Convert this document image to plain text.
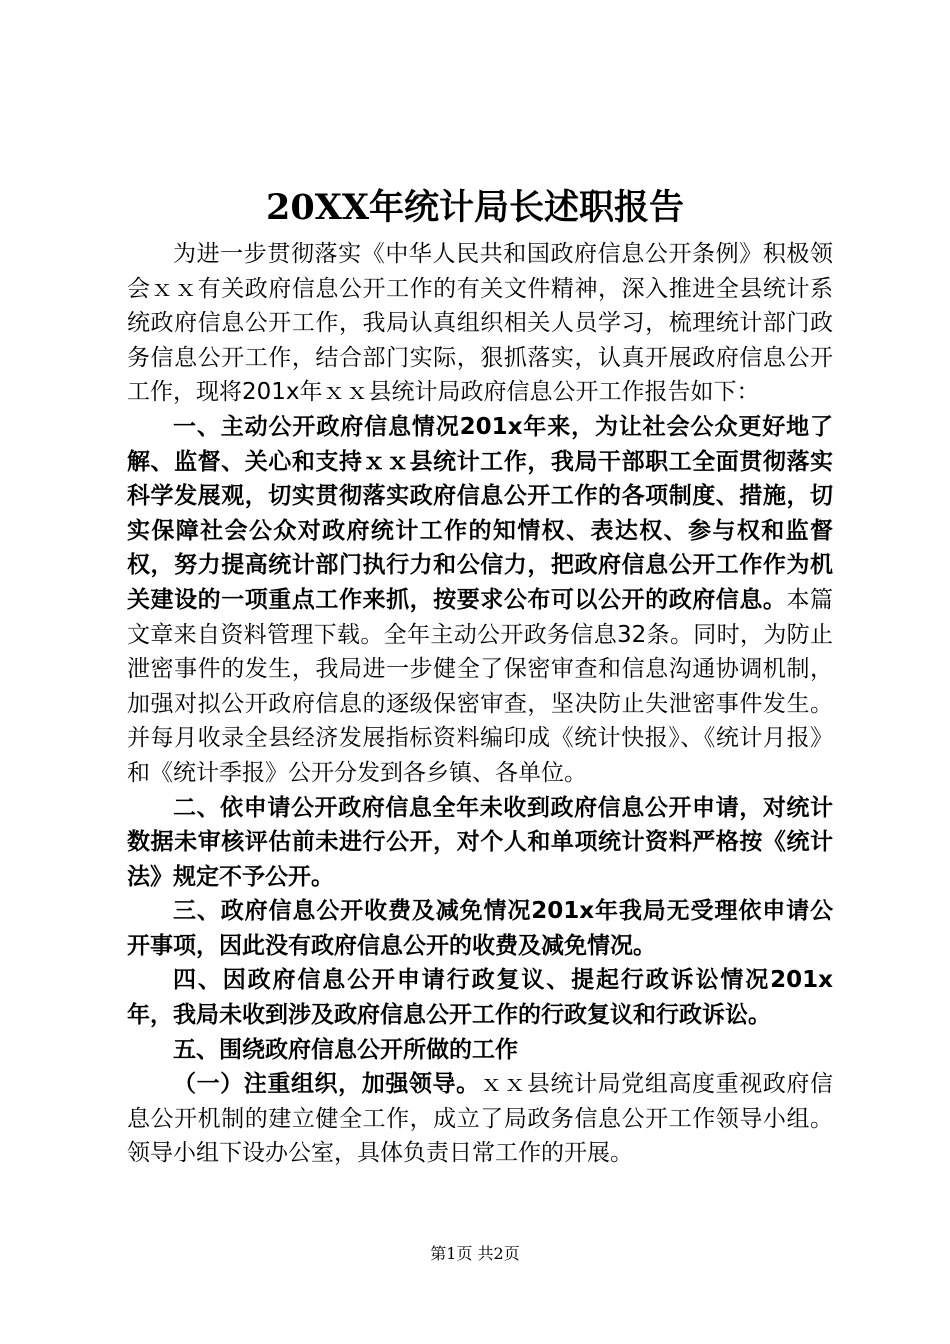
20XX年统计局长述职报告

为进一步贯彻落实《中华人民共和国政府信息公开条例》积极领会ｘｘ有关政府信息公开工作的有关文件精神，深入推进全县统计系统政府信息公开工作，我局认真组织相关人员学习，梳理统计部门政务信息公开工作，结合部门实际，狠抓落实，认真开展政府信息公开工作，现将201x年ｘｘ县统计局政府信息公开工作报告如下：

一、主动公开政府信息情况201x年来，为让社会公众更好地了解、监督、关心和支持ｘｘ县统计工作，我局干部职工全面贯彻落实科学发展观，切实贯彻落实政府信息公开工作的各项制度、措施，切实保障社会公众对政府统计工作的知情权、表达权、参与权和监督权，努力提高统计部门执行力和公信力，把政府信息公开工作作为机关建设的一项重点工作来抓，按要求公布可以公开的政府信息。本篇文章来自资料管理下载。全年主动公开政务信息32条。同时，为防止泄密事件的发生，我局进一步健全了保密审查和信息沟通协调机制，加强对拟公开政府信息的逐级保密审查，坚决防止失泄密事件发生。并每月收录全县经济发展指标资料编印成《统计快报》、《统计月报》和《统计季报》公开分发到各乡镇、各单位。

二、依申请公开政府信息全年未收到政府信息公开申请，对统计数据未审核评估前未进行公开，对个人和单项统计资料严格按《统计法》规定不予公开。

三、政府信息公开收费及减免情况201x年我局无受理依申请公开事项，因此没有政府信息公开的收费及减免情况。

四、因政府信息公开申请行政复议、提起行政诉讼情况201x年，我局未收到涉及政府信息公开工作的行政复议和行政诉讼。

五、围绕政府信息公开所做的工作

（一）注重组织，加强领导。ｘｘ县统计局党组高度重视政府信息公开机制的建立健全工作，成立了局政务信息公开工作领导小组。领导小组下设办公室，具体负责日常工作的开展。

第1页 共2页
